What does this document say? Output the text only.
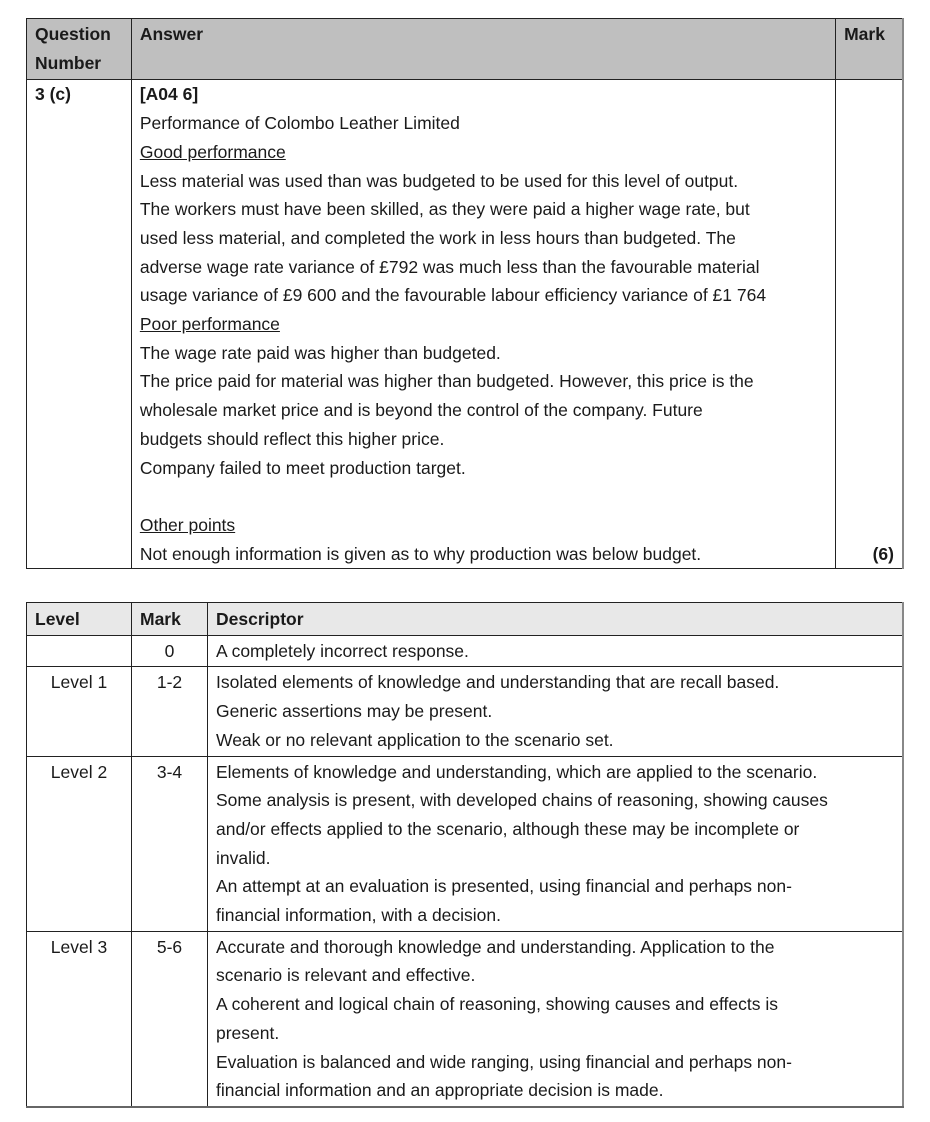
Question
Number	Answer	Mark
3 (c)	[A04 6]
Performance of Colombo Leather Limited
Good performance
Less material was used than was budgeted to be used for this level of output.
The workers must have been skilled, as they were paid a higher wage rate, but
used less material, and completed the work in less hours than budgeted. The
adverse wage rate variance of £792 was much less than the favourable material
usage variance of £9 600 and the favourable labour efficiency variance of £1 764
Poor performance
The wage rate paid was higher than budgeted.
The price paid for material was higher than budgeted. However, this price is the
wholesale market price and is beyond the control of the company. Future
budgets should reflect this higher price.
Company failed to meet production target.
Other points
Not enough information is given as to why production was below budget.	(6)
Level	Mark	Descriptor
	0	A completely incorrect response.

Level 1	1-2	Isolated elements of knowledge and understanding that are recall based.
Generic assertions may be present.
Weak or no relevant application to the scenario set.

Level 2	3-4	Elements of knowledge and understanding, which are applied to the scenario.
Some analysis is present, with developed chains of reasoning, showing causes
and/or effects applied to the scenario, although these may be incomplete or
invalid.
An attempt at an evaluation is presented, using financial and perhaps non-
financial information, with a decision.

Level 3	5-6	Accurate and thorough knowledge and understanding. Application to the
scenario is relevant and effective.
A coherent and logical chain of reasoning, showing causes and effects is
present.
Evaluation is balanced and wide ranging, using financial and perhaps non-
financial information and an appropriate decision is made.
